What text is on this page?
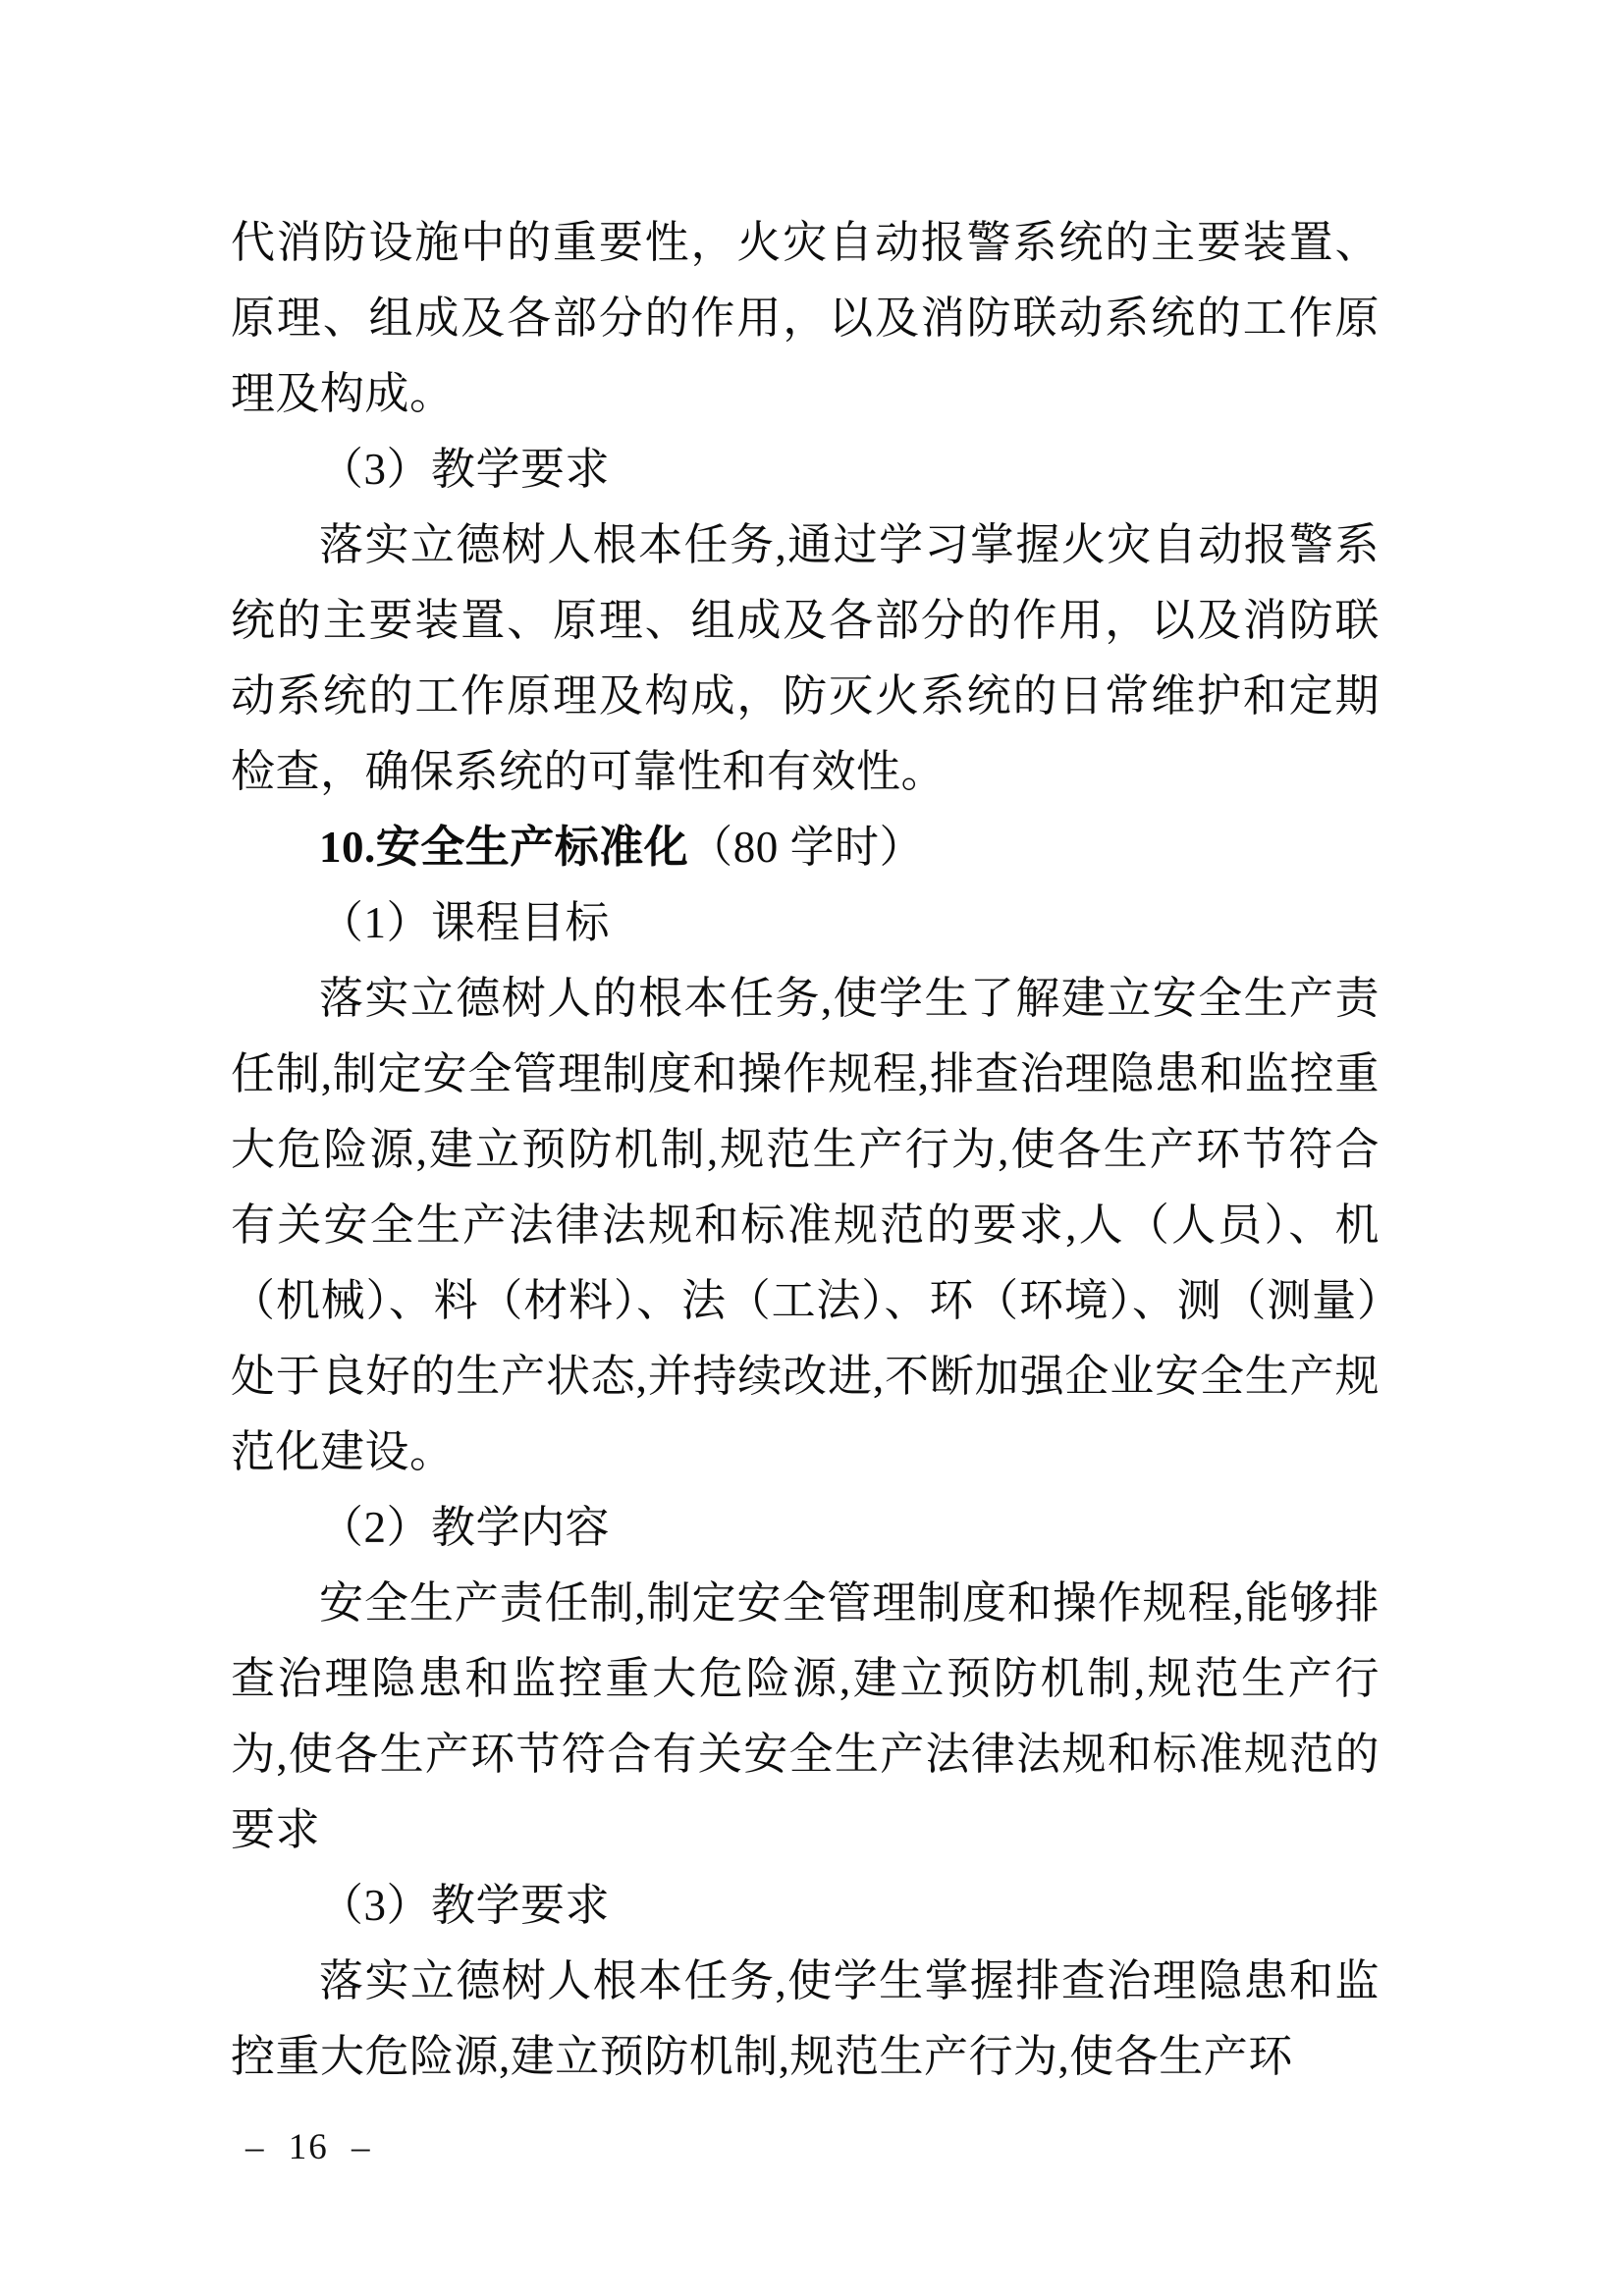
代消防设施中的重要性，火灾自动报警系统的主要装置、原理、组成及各部分的作用，以及消防联动系统的工作原理及构成。

（3）教学要求

落实立德树人根本任务,通过学习掌握火灾自动报警系统的主要装置、原理、组成及各部分的作用，以及消防联动系统的工作原理及构成，防灭火系统的日常维护和定期检查，确保系统的可靠性和有效性。

10.安全生产标准化（80 学时）

（1）课程目标

落实立德树人的根本任务,使学生了解建立安全生产责任制,制定安全管理制度和操作规程,排查治理隐患和监控重大危险源,建立预防机制,规范生产行为,使各生产环节符合有关安全生产法律法规和标准规范的要求,人（人员）、机（机械）、料（材料）、法（工法）、环（环境）、测（测量）处于良好的生产状态,并持续改进,不断加强企业安全生产规范化建设。

（2）教学内容

安全生产责任制,制定安全管理制度和操作规程,能够排查治理隐患和监控重大危险源,建立预防机制,规范生产行为,使各生产环节符合有关安全生产法律法规和标准规范的要求

（3）教学要求

落实立德树人根本任务,使学生掌握排查治理隐患和监控重大危险源,建立预防机制,规范生产行为,使各生产环

– 16 –
